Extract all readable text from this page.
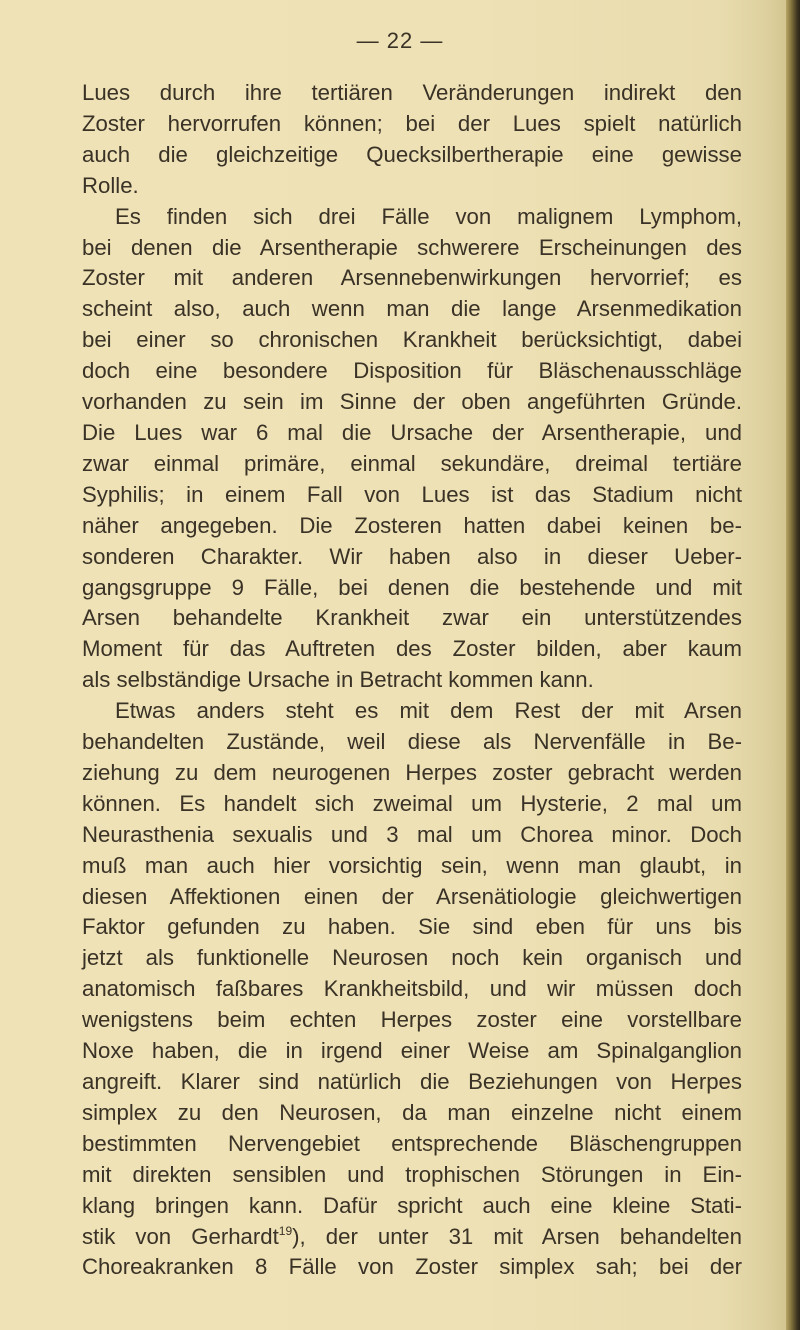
— 22 —
Lues durch ihre tertiären Veränderungen indirekt den
Zoster hervorrufen können; bei der Lues spielt natürlich
auch die gleichzeitige Quecksilbertherapie eine gewisse
Rolle.
Es finden sich drei Fälle von malignem Lymphom,
bei denen die Arsentherapie schwerere Erscheinungen des
Zoster mit anderen Arsennebenwirkungen hervorrief; es
scheint also, auch wenn man die lange Arsenmedikation
bei einer so chronischen Krankheit berücksichtigt, dabei
doch eine besondere Disposition für Bläschenausschläge
vorhanden zu sein im Sinne der oben angeführten Gründe.
Die Lues war 6 mal die Ursache der Arsentherapie, und
zwar einmal primäre, einmal sekundäre, dreimal tertiäre
Syphilis; in einem Fall von Lues ist das Stadium nicht
näher angegeben. Die Zosteren hatten dabei keinen be-
sonderen Charakter. Wir haben also in dieser Ueber-
gangsgruppe 9 Fälle, bei denen die bestehende und mit
Arsen behandelte Krankheit zwar ein unterstützendes
Moment für das Auftreten des Zoster bilden, aber kaum
als selbständige Ursache in Betracht kommen kann.
Etwas anders steht es mit dem Rest der mit Arsen
behandelten Zustände, weil diese als Nervenfälle in Be-
ziehung zu dem neurogenen Herpes zoster gebracht werden
können. Es handelt sich zweimal um Hysterie, 2 mal um
Neurasthenia sexualis und 3 mal um Chorea minor. Doch
muß man auch hier vorsichtig sein, wenn man glaubt, in
diesen Affektionen einen der Arsenätiologie gleichwertigen
Faktor gefunden zu haben. Sie sind eben für uns bis
jetzt als funktionelle Neurosen noch kein organisch und
anatomisch faßbares Krankheitsbild, und wir müssen doch
wenigstens beim echten Herpes zoster eine vorstellbare
Noxe haben, die in irgend einer Weise am Spinalganglion
angreift. Klarer sind natürlich die Beziehungen von Herpes
simplex zu den Neurosen, da man einzelne nicht einem
bestimmten Nervengebiet entsprechende Bläschengruppen
mit direkten sensiblen und trophischen Störungen in Ein-
klang bringen kann. Dafür spricht auch eine kleine Stati-
stik von Gerhardt$^{19}$), der unter 31 mit Arsen behandelten
Choreakranken 8 Fälle von Zoster simplex sah; bei der
